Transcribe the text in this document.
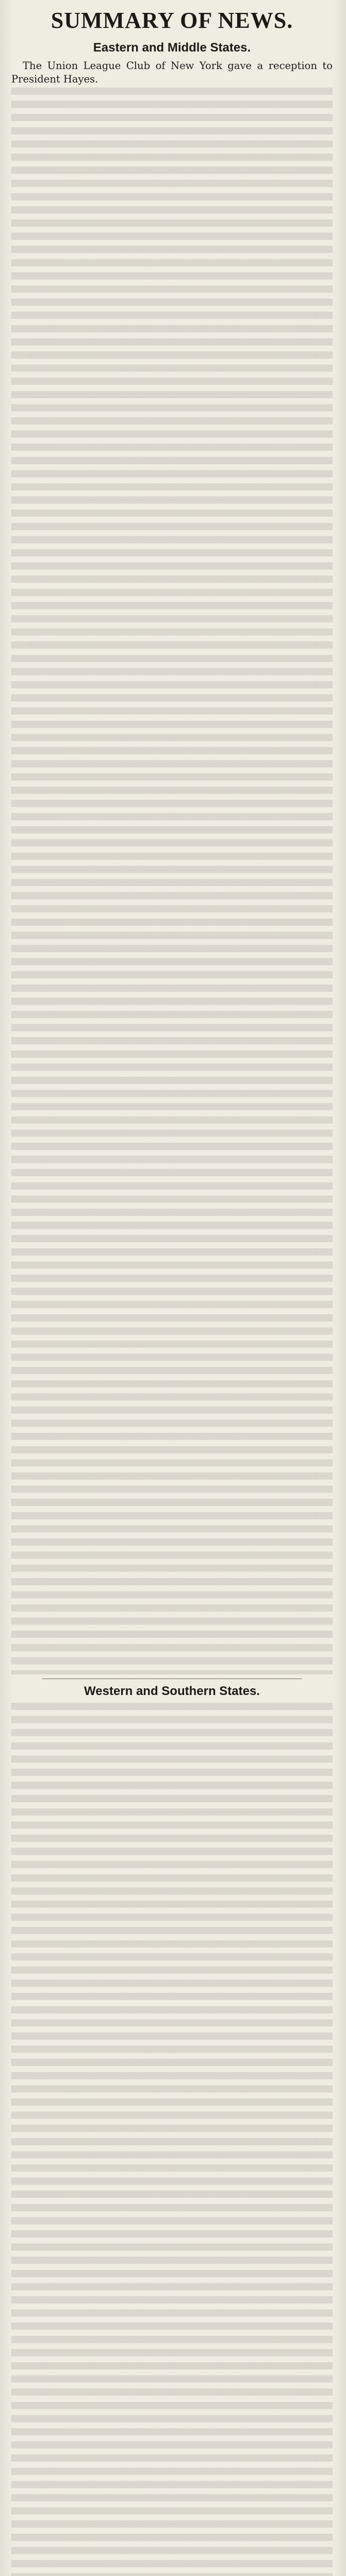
SUMMARY OF NEWS.
Eastern and Middle States.

The Union League Club of New York gave a reception to President Hayes.

Western and Southern States.
